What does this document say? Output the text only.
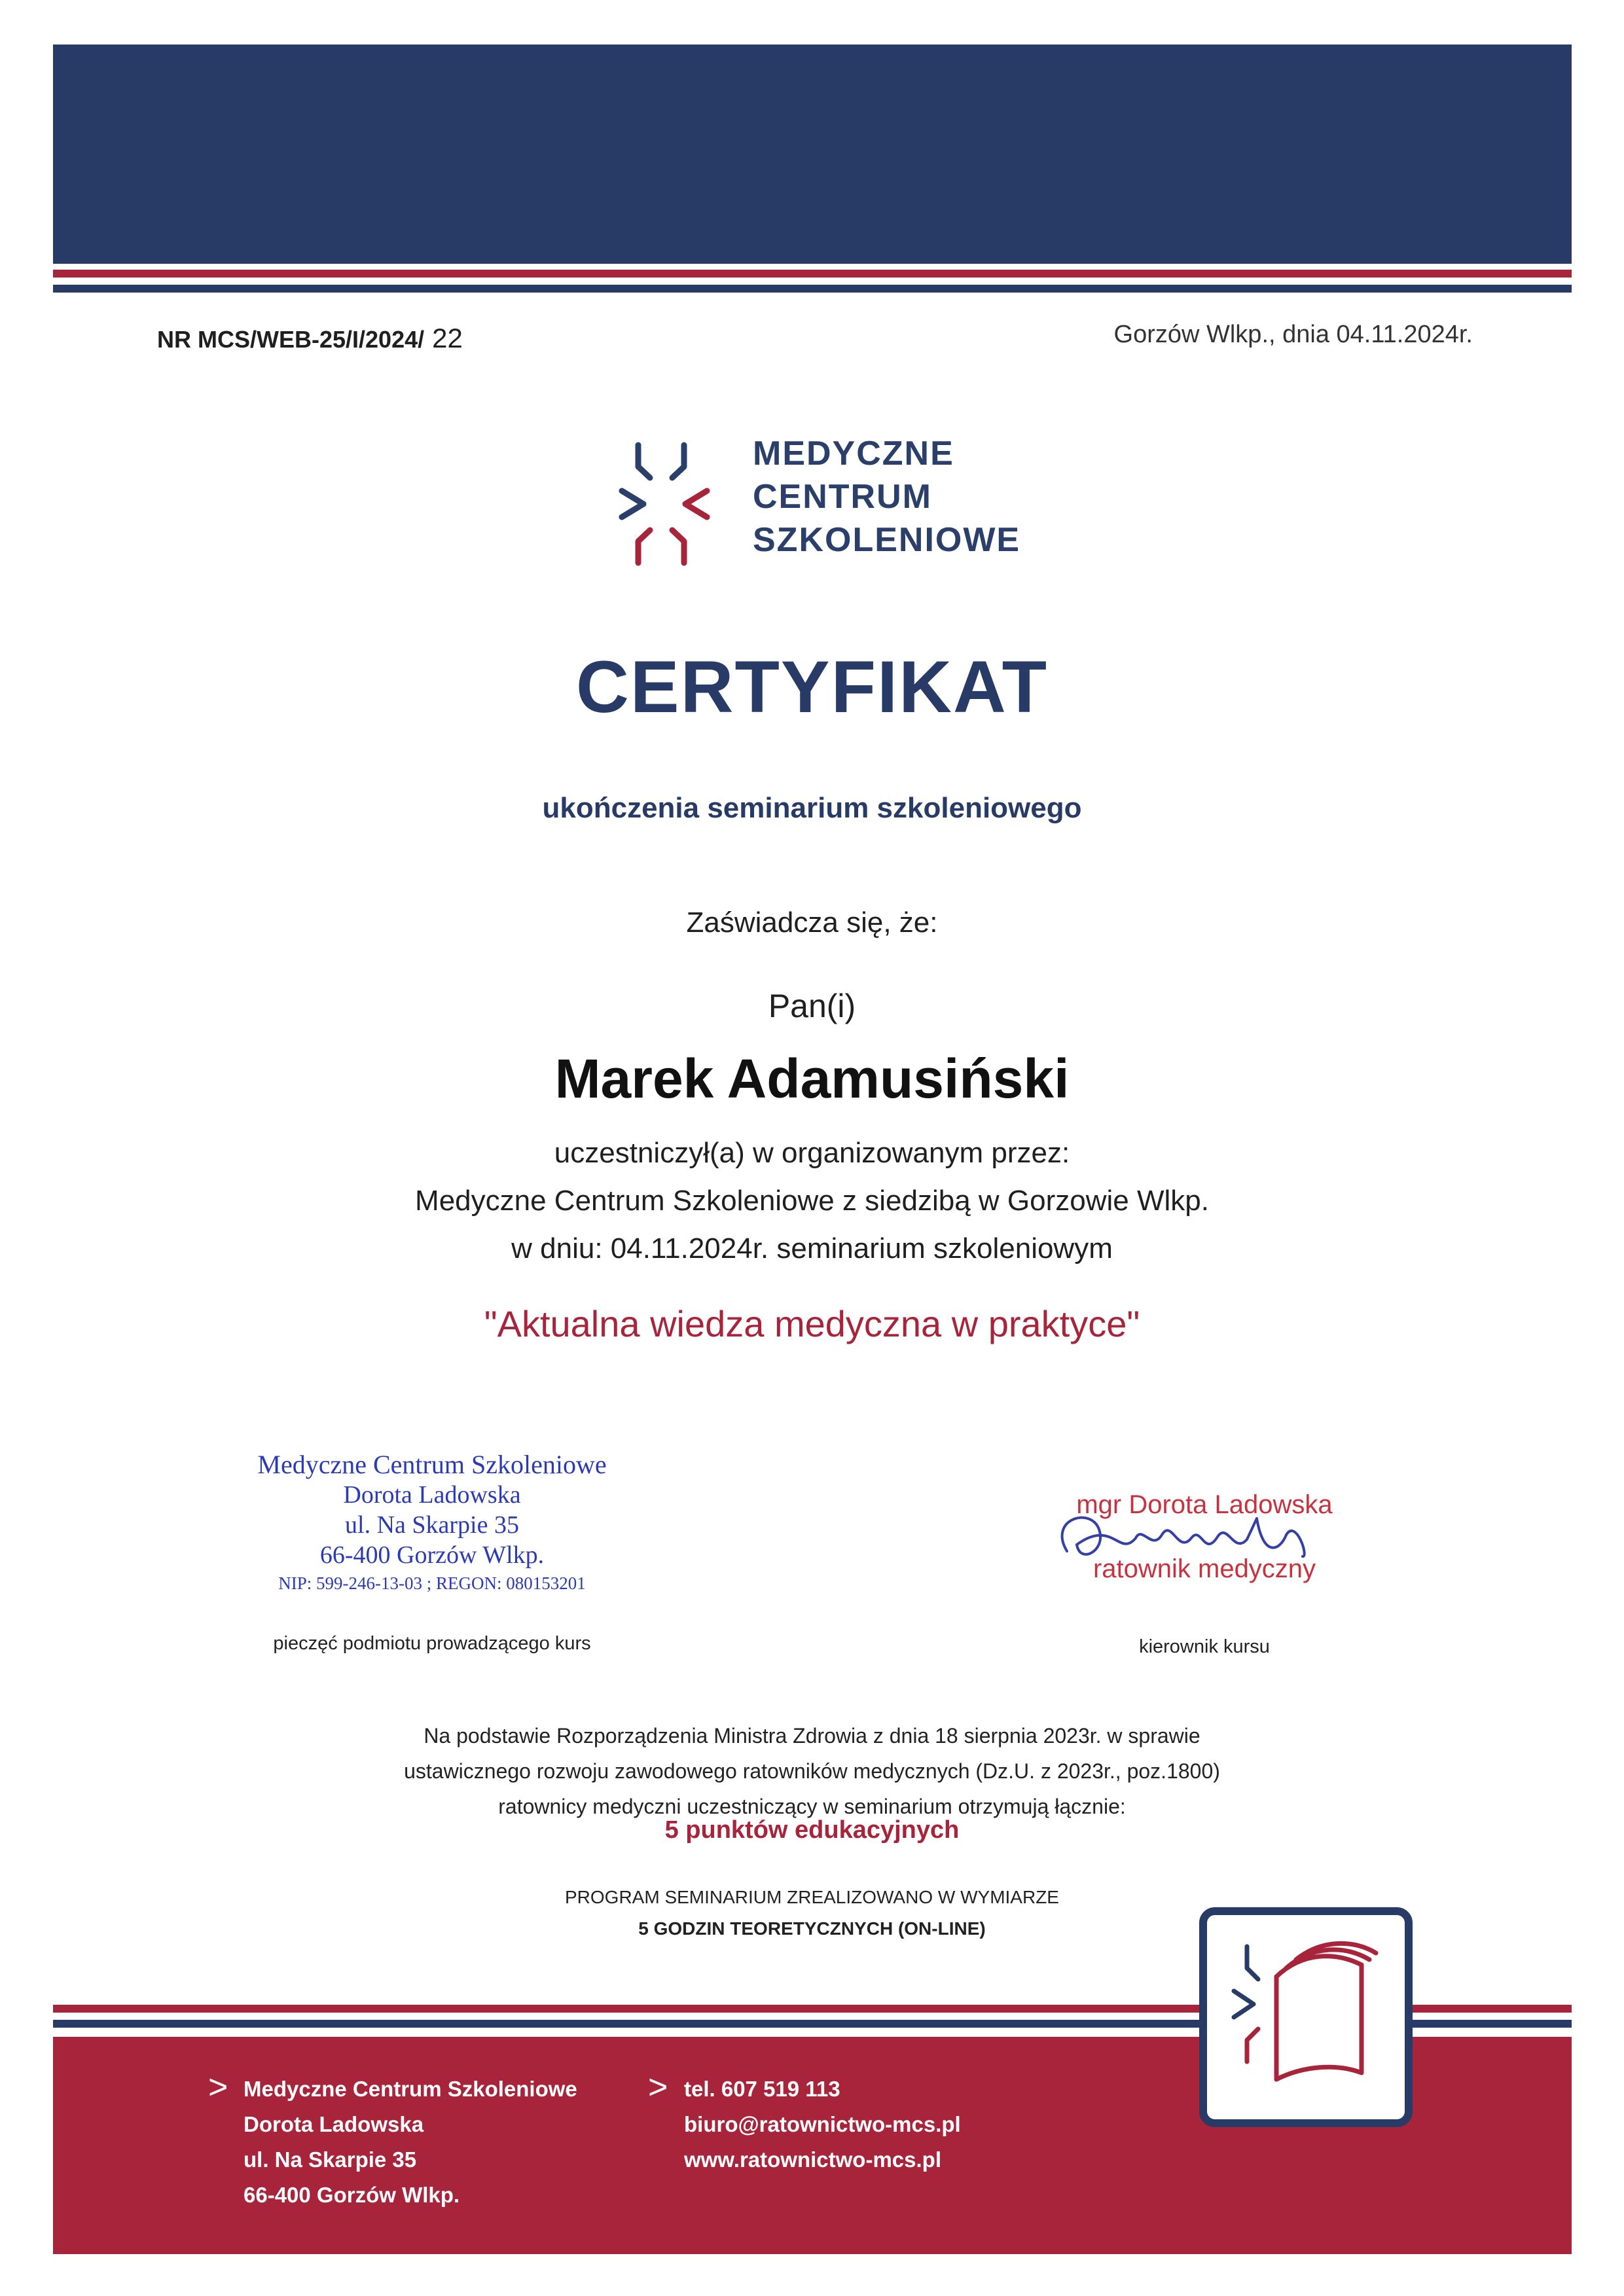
NR MCS/WEB-25/I/2024/ 22	Gorzów Wlkp., dnia 04.11.2024r.
MEDYCZNE
CENTRUM
SZKOLENIOWE
CERTYFIKAT
ukończenia seminarium szkoleniowego
Zaświadcza się, że:
Pan(i)
Marek Adamusiński
uczestniczył(a) w organizowanym przez:
Medyczne Centrum Szkoleniowe z siedzibą w Gorzowie Wlkp.
w dniu: 04.11.2024r. seminarium szkoleniowym
"Aktualna wiedza medyczna w praktyce"
Medyczne Centrum Szkoleniowe
Dorota Ladowska
ul. Na Skarpie 35
66-400 Gorzów Wlkp.
NIP: 599-246-13-03 ; REGON: 080153201
pieczęć podmiotu prowadzącego kurs
mgr Dorota Ladowska
ratownik medyczny
kierownik kursu
Na podstawie Rozporządzenia Ministra Zdrowia z dnia 18 sierpnia 2023r. w sprawie
ustawicznego rozwoju zawodowego ratowników medycznych (Dz.U. z 2023r., poz.1800)
ratownicy medyczni uczestniczący w seminarium otrzymują łącznie:
5 punktów edukacyjnych
PROGRAM SEMINARIUM ZREALIZOWANO W WYMIARZE
5 GODZIN TEORETYCZNYCH (ON-LINE)
> Medyczne Centrum Szkoleniowe
Dorota Ladowska
ul. Na Skarpie 35
66-400 Gorzów Wlkp.
> tel. 607 519 113
biuro@ratownictwo-mcs.pl
www.ratownictwo-mcs.pl
